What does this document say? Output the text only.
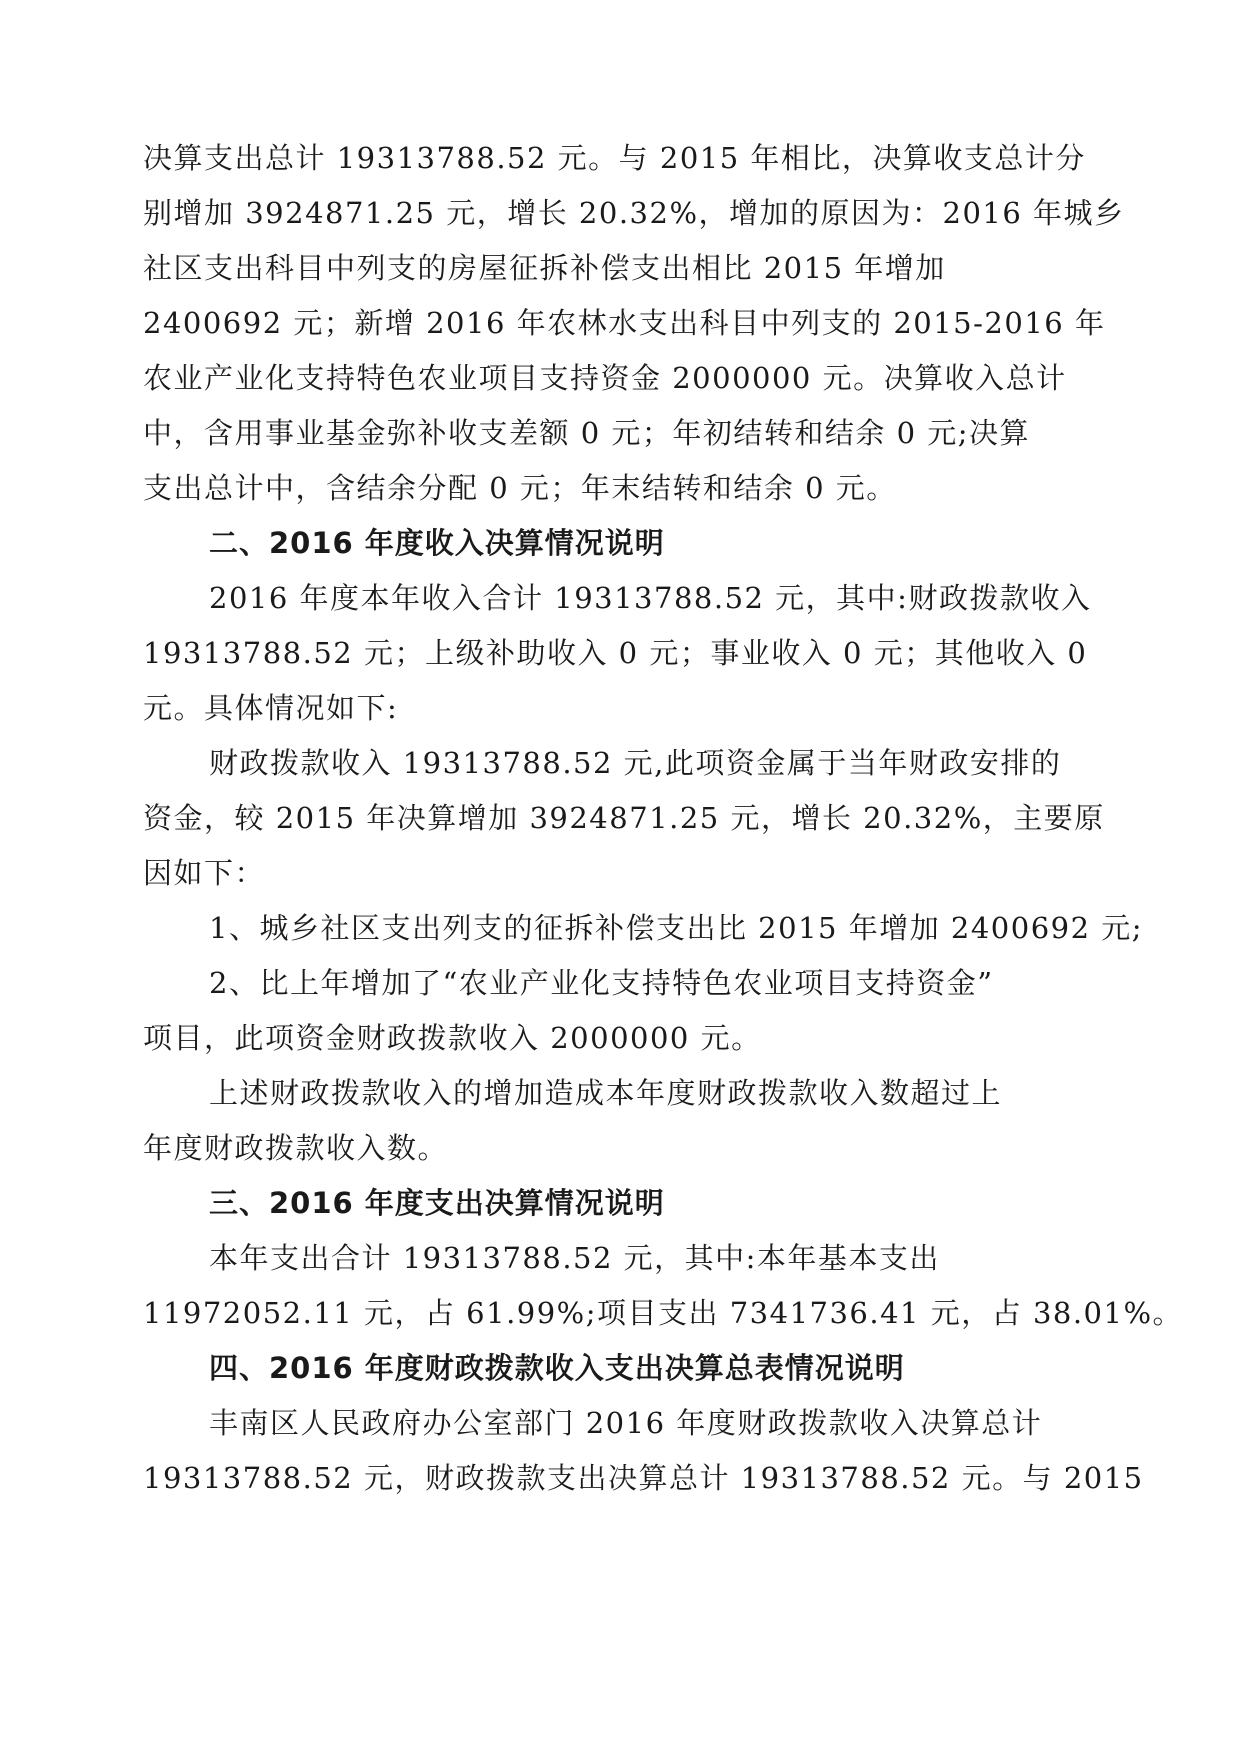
决算支出总计 19313788.52 元。与 2015 年相比，决算收支总计分
别增加 3924871.25 元，增长 20.32%，增加的原因为：2016 年城乡
社区支出科目中列支的房屋征拆补偿支出相比 2015 年增加
2400692 元；新增 2016 年农林水支出科目中列支的 2015-2016 年
农业产业化支持特色农业项目支持资金 2000000 元。决算收入总计
中，含用事业基金弥补收支差额 0 元；年初结转和结余 0 元;决算
支出总计中，含结余分配 0 元；年末结转和结余 0 元。
二、2016 年度收入决算情况说明
2016 年度本年收入合计 19313788.52 元，其中:财政拨款收入
19313788.52 元；上级补助收入 0 元；事业收入 0 元；其他收入 0
元。具体情况如下:
财政拨款收入 19313788.52 元,此项资金属于当年财政安排的
资金，较 2015 年决算增加 3924871.25 元，增长 20.32%，主要原
因如下：
1、城乡社区支出列支的征拆补偿支出比 2015 年增加 2400692 元;
2、比上年增加了“农业产业化支持特色农业项目支持资金”
项目，此项资金财政拨款收入 2000000 元。
上述财政拨款收入的增加造成本年度财政拨款收入数超过上
年度财政拨款收入数。
三、2016 年度支出决算情况说明
本年支出合计 19313788.52 元，其中:本年基本支出
11972052.11 元，占 61.99%;项目支出 7341736.41 元，占 38.01%。
四、2016 年度财政拨款收入支出决算总表情况说明
丰南区人民政府办公室部门 2016 年度财政拨款收入决算总计
19313788.52 元，财政拨款支出决算总计 19313788.52 元。与 2015
